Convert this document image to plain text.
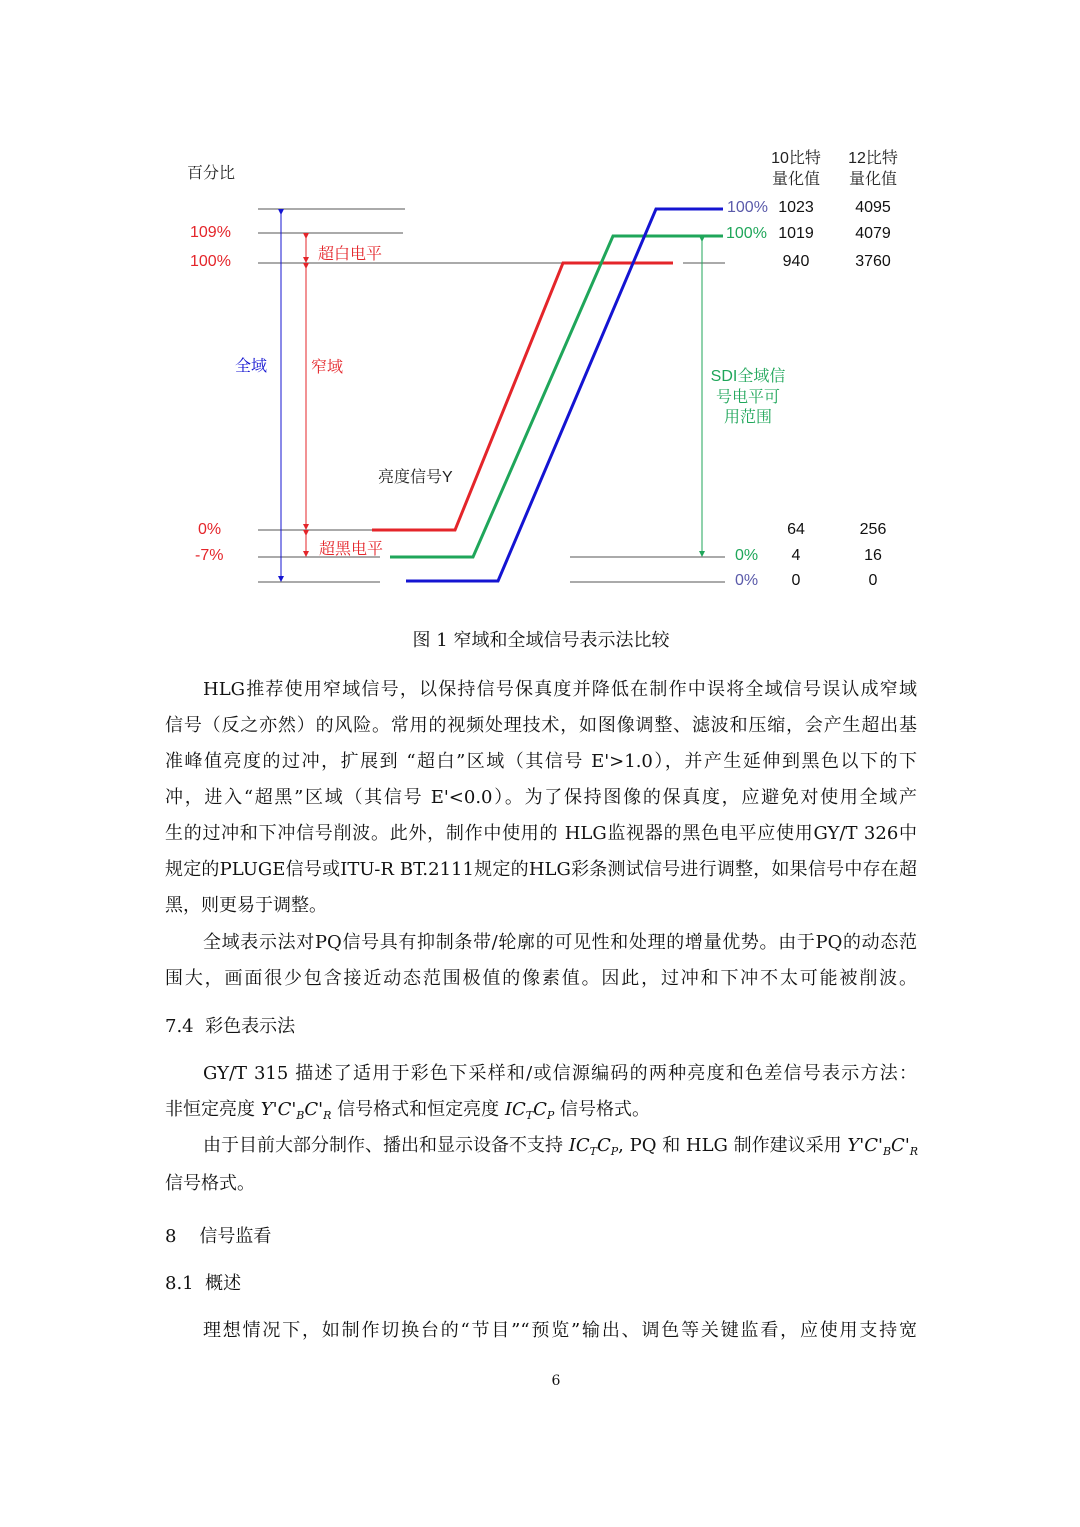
百分比
109%
100%
0%
-7%
全域	窄域
超白电平
超黑电平
亮度信号Y
100%
100%
0%
0%
10比特
量化值
12比特
量化值
1023
1019
940
64
4
0
4095
4079
3760
256
16
0
SDI全域信
号电平可
用范围
图 1 窄域和全域信号表示法比较
HLG推荐使用窄域信号，以保持信号保真度并降低在制作中误将全域信号误认成窄域
信号（反之亦然）的风险。常用的视频处理技术，如图像调整、滤波和压缩，会产生超出基
准峰值亮度的过冲，扩展到 “超白”区域（其信号 E'>1.0），并产生延伸到黑色以下的下
冲，进入“超黑”区域（其信号 E'<0.0）。为了保持图像的保真度，应避免对使用全域产
生的过冲和下冲信号削波。此外，制作中使用的 HLG监视器的黑色电平应使用GY/T 326中
规定的PLUGE信号或ITU-R BT.2111规定的HLG彩条测试信号进行调整，如果信号中存在超
黑，则更易于调整。
全域表示法对PQ信号具有抑制条带/轮廓的可见性和处理的增量优势。由于PQ的动态范
围大，画面很少包含接近动态范围极值的像素值。因此，过冲和下冲不太可能被削波。
7.4 彩色表示法
GY/T 315 描述了适用于彩色下采样和/或信源编码的两种亮度和色差信号表示方法：
非恒定亮度 $Y'C'_BC'_R$ 信号格式和恒定亮度 $IC_TC_P$ 信号格式。
由于目前大部分制作、播出和显示设备不支持 $IC_TC_P$, PQ 和 HLG 制作建议采用 $Y'C'_BC'_R$
信号格式。
8 信号监看
8.1 概述
理想情况下，如制作切换台的“节目”“预览”输出、调色等关键监看，应使用支持宽
6
